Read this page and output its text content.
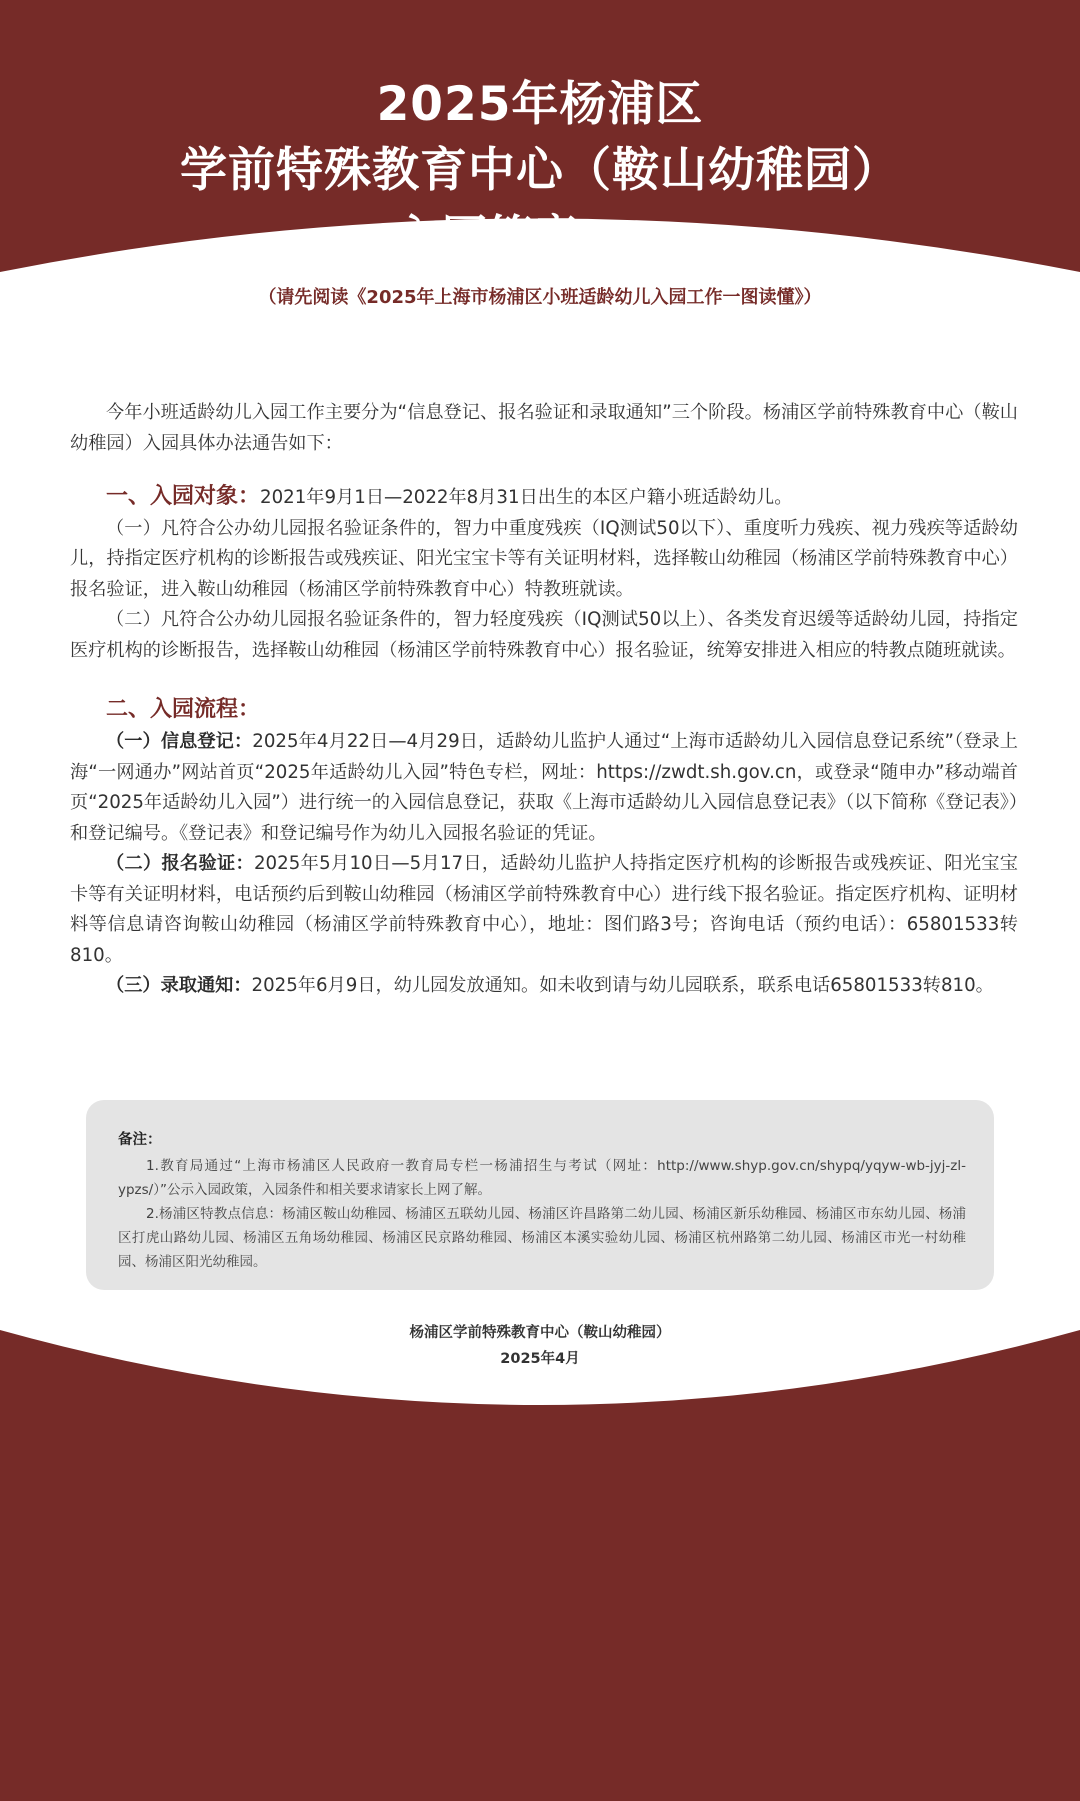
2025年杨浦区
学前特殊教育中心（鞍山幼稚园）
入园简章（公办）
（请先阅读《2025年上海市杨浦区小班适龄幼儿入园工作一图读懂》）

今年小班适龄幼儿入园工作主要分为“信息登记、报名验证和录取通知”三个阶段。杨浦区学前特殊教育中心（鞍山幼稚园）入园具体办法通告如下：

一、入园对象：2021年9月1日—2022年8月31日出生的本区户籍小班适龄幼儿。

（一）凡符合公办幼儿园报名验证条件的，智力中重度残疾（ⅠQ测试50以下）、重度听力残疾、视力残疾等适龄幼儿，持指定医疗机构的诊断报告或残疾证、阳光宝宝卡等有关证明材料，选择鞍山幼稚园（杨浦区学前特殊教育中心）报名验证，进入鞍山幼稚园（杨浦区学前特殊教育中心）特教班就读。

（二）凡符合公办幼儿园报名验证条件的，智力轻度残疾（ⅠQ测试50以上）、各类发育迟缓等适龄幼儿园，持指定医疗机构的诊断报告，选择鞍山幼稚园（杨浦区学前特殊教育中心）报名验证，统筹安排进入相应的特教点随班就读。

二、入园流程：

（一）信息登记：2025年4月22日—4月29日，适龄幼儿监护人通过“上海市适龄幼儿入园信息登记系统”（登录上海“一网通办”网站首页“2025年适龄幼儿入园”特色专栏，网址：https://zwdt.sh.gov.cn，或登录“随申办”移动端首页“2025年适龄幼儿入园”）进行统一的入园信息登记，获取《上海市适龄幼儿入园信息登记表》（以下简称《登记表》）和登记编号。《登记表》和登记编号作为幼儿入园报名验证的凭证。

（二）报名验证：2025年5月10日—5月17日，适龄幼儿监护人持指定医疗机构的诊断报告或残疾证、阳光宝宝卡等有关证明材料，电话预约后到鞍山幼稚园（杨浦区学前特殊教育中心）进行线下报名验证。指定医疗机构、证明材料等信息请咨询鞍山幼稚园（杨浦区学前特殊教育中心），地址：图们路3号；咨询电话（预约电话）：65801533转810。

（三）录取通知：2025年6月9日，幼儿园发放通知。如未收到请与幼儿园联系，联系电话65801533转810。

备注：

1.教育局通过“上海市杨浦区人民政府一教育局专栏一杨浦招生与考试（网址：http://www.shyp.gov.cn/shypq/yqyw-wb-jyj-zl-ypzs/）”公示入园政策，入园条件和相关要求请家长上网了解。

2.杨浦区特教点信息：杨浦区鞍山幼稚园、杨浦区五联幼儿园、杨浦区许昌路第二幼儿园、杨浦区新乐幼稚园、杨浦区市东幼儿园、杨浦区打虎山路幼儿园、杨浦区五角场幼稚园、杨浦区民京路幼稚园、杨浦区本溪实验幼儿园、杨浦区杭州路第二幼儿园、杨浦区市光一村幼稚园、杨浦区阳光幼稚园。

杨浦区学前特殊教育中心（鞍山幼稚园）
2025年4月
